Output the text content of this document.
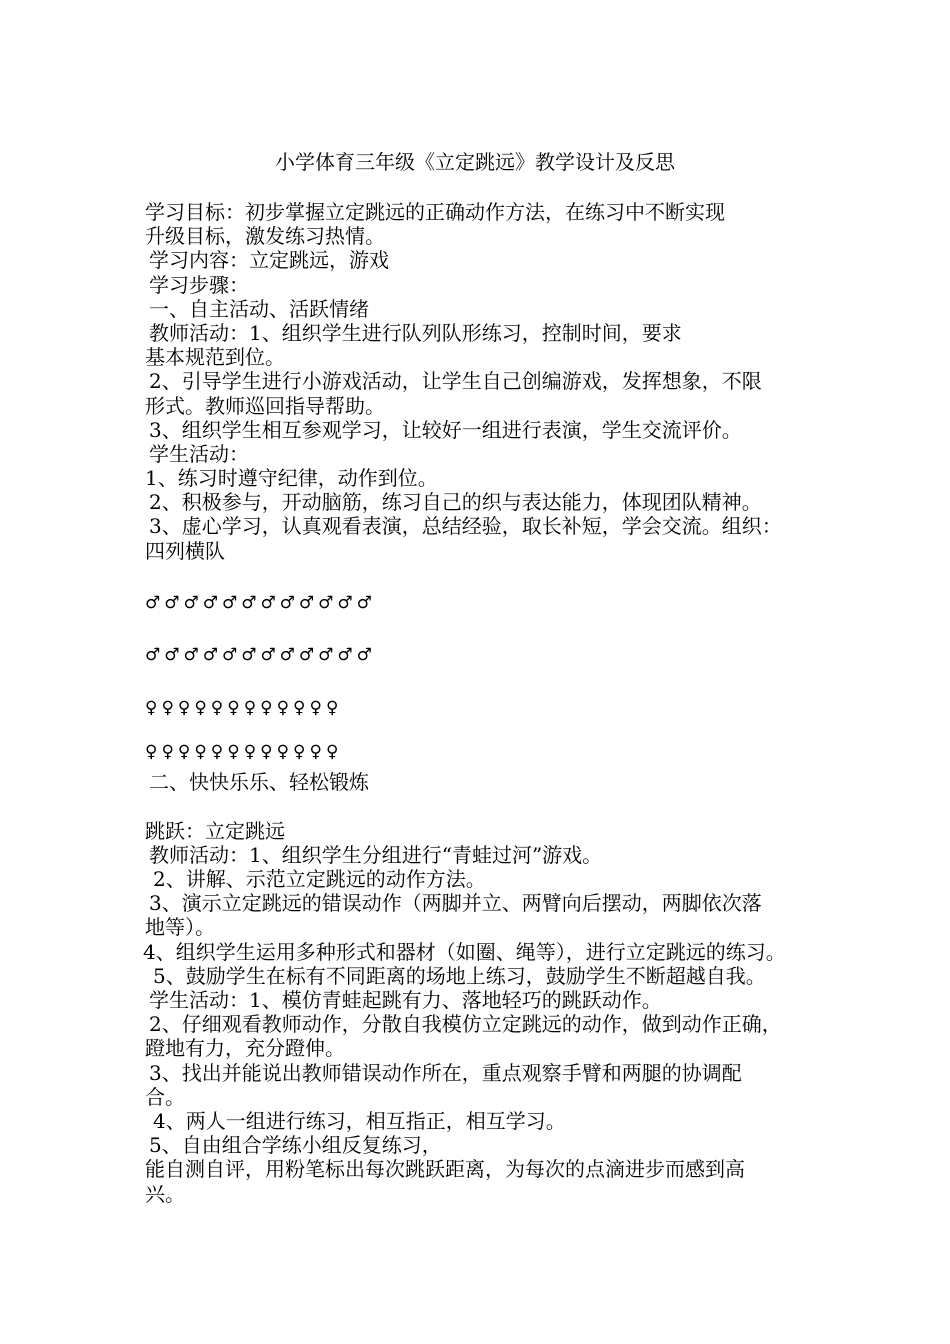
小学体育三年级《立定跳远》教学设计及反思
学习目标：初步掌握立定跳远的正确动作方法，在练习中不断实现
升级目标，激发练习热情。
学习内容：立定跳远，游戏
学习步骤：
一、自主活动、活跃情绪
教师活动：1、组织学生进行队列队形练习，控制时间，要求
基本规范到位。
2、引导学生进行小游戏活动，让学生自己创编游戏，发挥想象，不限
形式。教师巡回指导帮助。
3、组织学生相互参观学习，让较好一组进行表演，学生交流评价。
学生活动：
1、练习时遵守纪律，动作到位。
2、积极参与，开动脑筋，练习自己的织与表达能力，体现团队精神。
3、虚心学习，认真观看表演，总结经验，取长补短，学会交流。组织：
四列横队
♂♂♂♂♂♂♂♂♂♂♂♂
♂♂♂♂♂♂♂♂♂♂♂♂
♀♀♀♀♀♀♀♀♀♀♀♀
♀♀♀♀♀♀♀♀♀♀♀♀
二、快快乐乐、轻松锻炼
跳跃：立定跳远
教师活动：1、组织学生分组进行“青蛙过河”游戏。
2、讲解、示范立定跳远的动作方法。
3、演示立定跳远的错误动作（两脚并立、两臂向后摆动，两脚依次落
地等）。
4、组织学生运用多种形式和器材（如圈、绳等），进行立定跳远的练习。
5、鼓励学生在标有不同距离的场地上练习，鼓励学生不断超越自我。
学生活动：1、模仿青蛙起跳有力、落地轻巧的跳跃动作。
2、仔细观看教师动作，分散自我模仿立定跳远的动作，做到动作正确，
蹬地有力，充分蹬伸。
3、找出并能说出教师错误动作所在，重点观察手臂和两腿的协调配
合。
4、两人一组进行练习，相互指正，相互学习。
5、自由组合学练小组反复练习，
能自测自评，用粉笔标出每次跳跃距离，为每次的点滴进步而感到高
兴。
